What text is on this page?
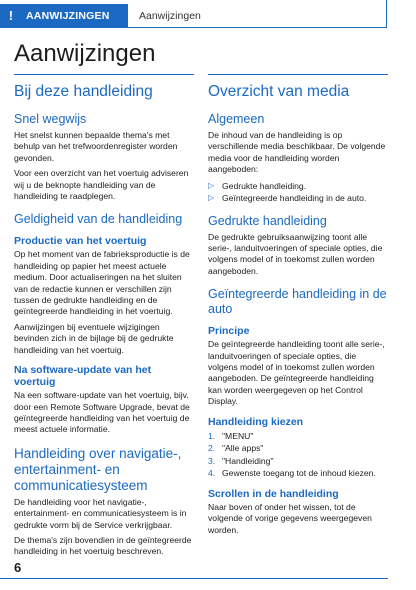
!	AANWIJZINGEN	Aanwijzingen
Aanwijzingen
Bij deze handleiding
Snel wegwijs

Het snelst kunnen bepaalde thema's met behulp van het trefwoordenregister worden gevonden.

Voor een overzicht van het voertuig adviseren wij u de beknopte handleiding van de handleiding te raadplegen.

Geldigheid van de handleiding
Productie van het voertuig

Op het moment van de fabrieksproductie is de handleiding op papier het meest actuele medium. Door actualiseringen na het sluiten van de redactie kunnen er verschillen zijn tussen de gedrukte handleiding en de geïntegreerde handleiding in het voertuig.

Aanwijzingen bij eventuele wijzigingen bevinden zich in de bijlage bij de gedrukte handleiding van het voertuig.

Na software-update van het voertuig

Na een software-update van het voertuig, bijv. door een Remote Software Upgrade, bevat de geïntegreerde handleiding van het voertuig de meest actuele informatie.

Handleiding over navigatie-, entertainment- en communicatiesysteem

De handleiding voor het navigatie-, entertainment- en communicatiesysteem is in gedrukte vorm bij de Service verkrijgbaar.

De thema's zijn bovendien in de geïntegreerde handleiding in het voertuig beschreven.

Overzicht van media
Algemeen

De inhoud van de handleiding is op verschillende media beschikbaar. De volgende media voor de handleiding worden aangeboden:

▷ Gedrukte handleiding.
▷ Geïntegreerde handleiding in de auto.
Gedrukte handleiding

De gedrukte gebruiksaanwijzing toont alle serie-, landuitvoeringen of speciale opties, die volgens model of in toekomst zullen worden aangeboden.

Geïntegreerde handleiding in de auto
Principe

De geïntegreerde handleiding toont alle serie-, landuitvoeringen of speciale opties, die volgens model of in toekomst zullen worden aangeboden. De geïntegreerde handleiding kan worden weergegeven op het Control Display.

Handleiding kiezen
1. "MENU"
2. "Alle apps"
3. "Handleiding"
4. Gewenste toegang tot de inhoud kiezen.
Scrollen in de handleiding

Naar boven of onder het wissen, tot de volgende of vorige gegevens weergegeven worden.

6
